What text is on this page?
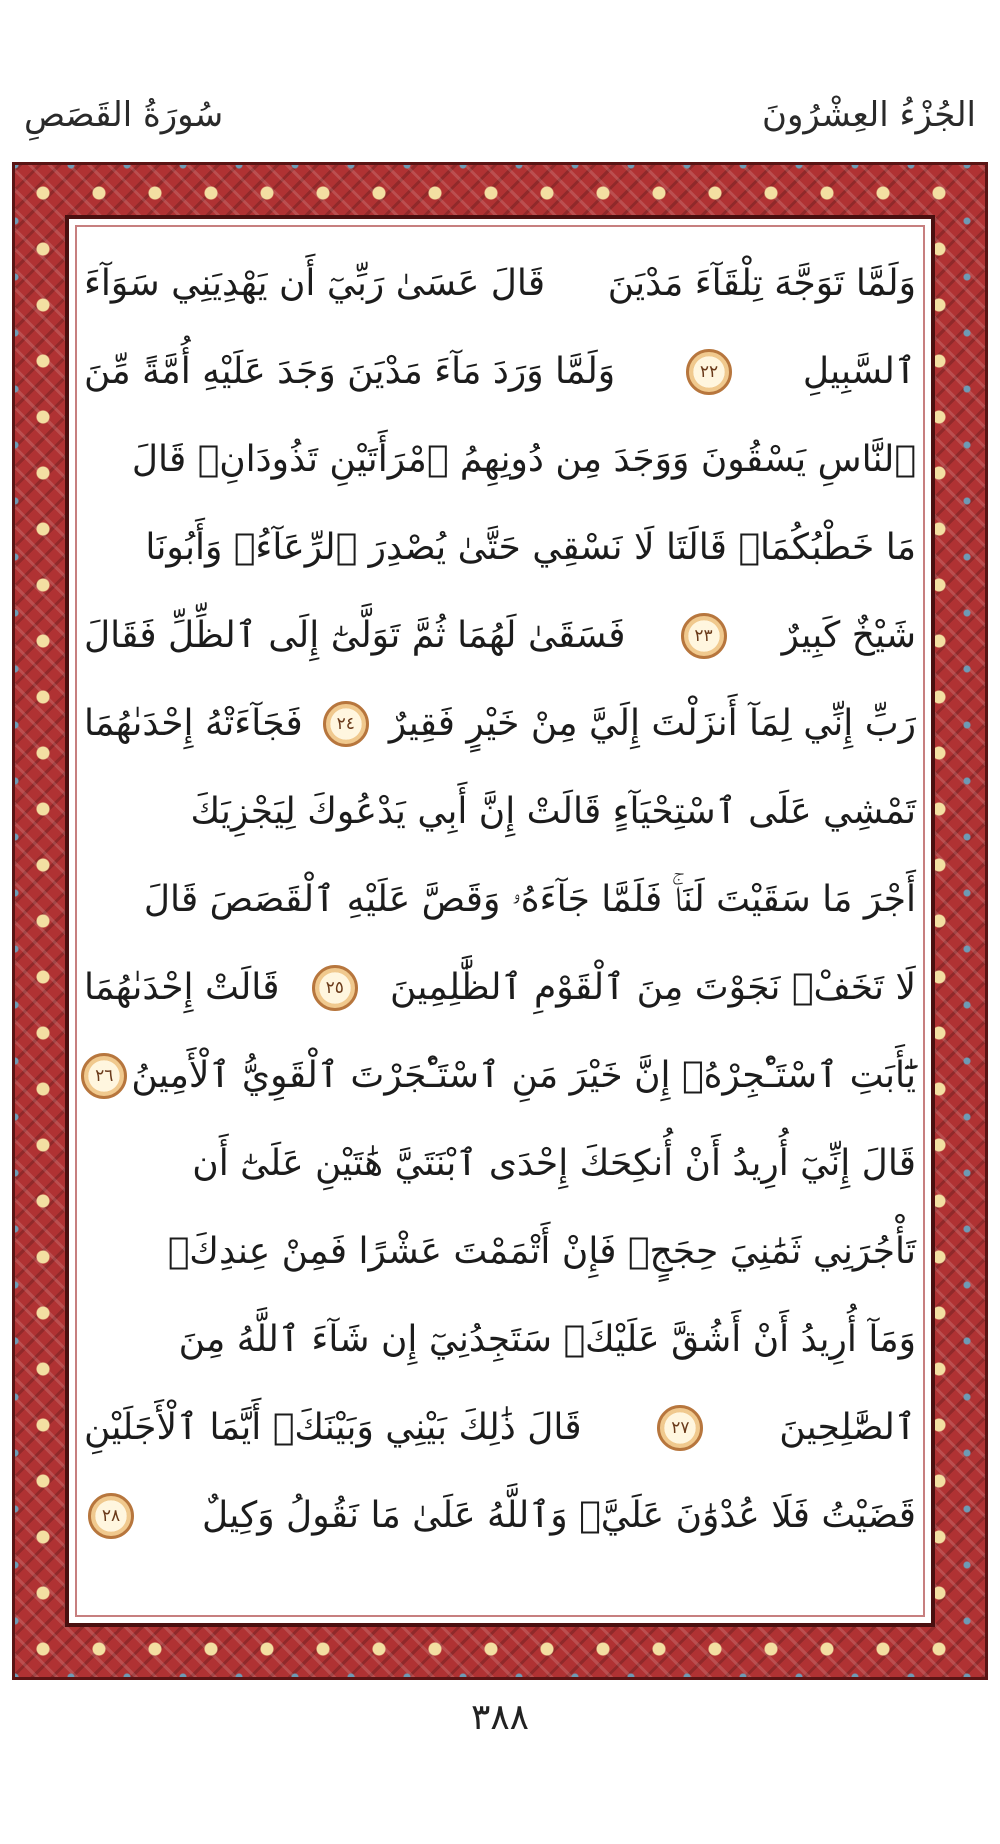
الجُزْءُ العِشْرُونَ
سُورَةُ القَصَصِ
وَلَمَّا تَوَجَّهَ تِلْقَآءَ مَدْيَنَ
قَالَ عَسَىٰ رَبِّيٓ أَن يَهْدِيَنِي سَوَآءَ
ٱلسَّبِيلِ
٢٢
وَلَمَّا وَرَدَ مَآءَ مَدْيَنَ وَجَدَ عَلَيْهِ أُمَّةً مِّنَ
ٱلنَّاسِ يَسْقُونَ وَوَجَدَ مِن دُونِهِمُ ٱمْرَأَتَيْنِ تَذُودَانِۖ قَالَ
مَا خَطْبُكُمَاۖ قَالَتَا لَا نَسْقِي حَتَّىٰ يُصْدِرَ ٱلرِّعَآءُۖ وَأَبُونَا
شَيْخٌ كَبِيرٌ
٢٣
فَسَقَىٰ لَهُمَا ثُمَّ تَوَلَّىٰٓ إِلَى ٱلظِّلِّ فَقَالَ
رَبِّ إِنِّي لِمَآ أَنزَلْتَ إِلَيَّ مِنْ خَيْرٍ فَقِيرٌ
٢٤
فَجَآءَتْهُ إِحْدَىٰهُمَا
تَمْشِي عَلَى ٱسْتِحْيَآءٍ قَالَتْ إِنَّ أَبِي يَدْعُوكَ لِيَجْزِيَكَ
أَجْرَ مَا سَقَيْتَ لَنَاۚ فَلَمَّا جَآءَهُۥ وَقَصَّ عَلَيْهِ ٱلْقَصَصَ قَالَ
لَا تَخَفْۖ نَجَوْتَ مِنَ ٱلْقَوْمِ ٱلظَّٰلِمِينَ
٢٥
قَالَتْ إِحْدَىٰهُمَا
يَٰٓأَبَتِ ٱسْتَـْٔجِرْهُۖ إِنَّ خَيْرَ مَنِ ٱسْتَـْٔجَرْتَ ٱلْقَوِيُّ ٱلْأَمِينُ
٢٦
قَالَ إِنِّيٓ أُرِيدُ أَنْ أُنكِحَكَ إِحْدَى ٱبْنَتَيَّ هَٰتَيْنِ عَلَىٰٓ أَن
تَأْجُرَنِي ثَمَٰنِيَ حِجَجٍۖ فَإِنْ أَتْمَمْتَ عَشْرًا فَمِنْ عِندِكَۖ
وَمَآ أُرِيدُ أَنْ أَشُقَّ عَلَيْكَۚ سَتَجِدُنِيٓ إِن شَآءَ ٱللَّهُ مِنَ
ٱلصَّٰلِحِينَ
٢٧
قَالَ ذَٰلِكَ بَيْنِي وَبَيْنَكَۖ أَيَّمَا ٱلْأَجَلَيْنِ
قَضَيْتُ فَلَا عُدْوَٰنَ عَلَيَّۖ وَٱللَّهُ عَلَىٰ مَا نَقُولُ وَكِيلٌ
٢٨
٣٨٨
